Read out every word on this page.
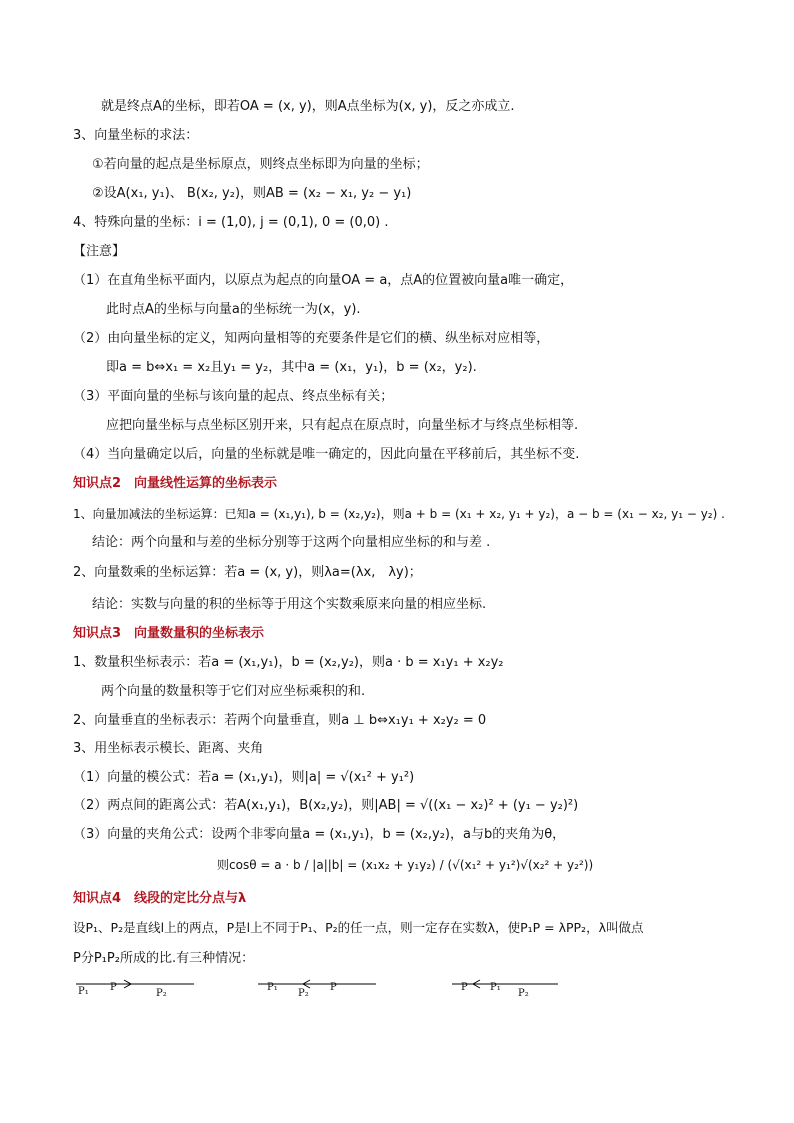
就是终点A的坐标，即若OA = (x, y)，则A点坐标为(x, y)，反之亦成立.
3、向量坐标的求法：
①若向量的起点是坐标原点，则终点坐标即为向量的坐标；
②设A(x₁, y₁)、 B(x₂, y₂)，则AB = (x₂ − x₁, y₂ − y₁)
4、特殊向量的坐标：i = (1,0), j = (0,1), 0 = (0,0) .
【注意】
（1）在直角坐标平面内，以原点为起点的向量OA = a，点A的位置被向量a唯一确定，
此时点A的坐标与向量a的坐标统一为(x，y).
（2）由向量坐标的定义，知两向量相等的充要条件是它们的横、纵坐标对应相等，
即a = b⇔x₁ = x₂且y₁ = y₂，其中a = (x₁，y₁)，b = (x₂，y₂).
（3）平面向量的坐标与该向量的起点、终点坐标有关；
应把向量坐标与点坐标区别开来，只有起点在原点时，向量坐标才与终点坐标相等.
（4）当向量确定以后，向量的坐标就是唯一确定的，因此向量在平移前后，其坐标不变.
知识点2　向量线性运算的坐标表示
1、向量加减法的坐标运算：已知a = (x₁,y₁), b = (x₂,y₂)，则a + b = (x₁ + x₂, y₁ + y₂)，a − b = (x₁ − x₂, y₁ − y₂) .
结论：两个向量和与差的坐标分别等于这两个向量相应坐标的和与差 .
2、向量数乘的坐标运算：若a = (x, y)，则λa=(λx,　λy)；
结论：实数与向量的积的坐标等于用这个实数乘原来向量的相应坐标.
知识点3　向量数量积的坐标表示
1、数量积坐标表示：若a = (x₁,y₁)，b = (x₂,y₂)，则a · b = x₁y₁ + x₂y₂
两个向量的数量积等于它们对应坐标乘积的和.
2、向量垂直的坐标表示：若两个向量垂直，则a ⊥ b⇔x₁y₁ + x₂y₂ = 0
3、用坐标表示模长、距离、夹角
（1）向量的模公式：若a = (x₁,y₁)，则|a| = √(x₁² + y₁²)
（2）两点间的距离公式：若A(x₁,y₁)，B(x₂,y₂)，则|AB| = √((x₁ − x₂)² + (y₁ − y₂)²)
（3）向量的夹角公式：设两个非零向量a = (x₁,y₁)，b = (x₂,y₂)，a与b的夹角为θ，
则cosθ = a · b / |a||b| = (x₁x₂ + y₁y₂) / (√(x₁² + y₁²)√(x₂² + y₂²))
知识点4　线段的定比分点与λ
设P₁、P₂是直线l上的两点，P是l上不同于P₁、P₂的任一点，则一定存在实数λ，使P₁P = λPP₂，λ叫做点
P分P₁P₂所成的比.有三种情况：
P₁ P
P₂
P₁
P₂
P	P P₁
P₂
